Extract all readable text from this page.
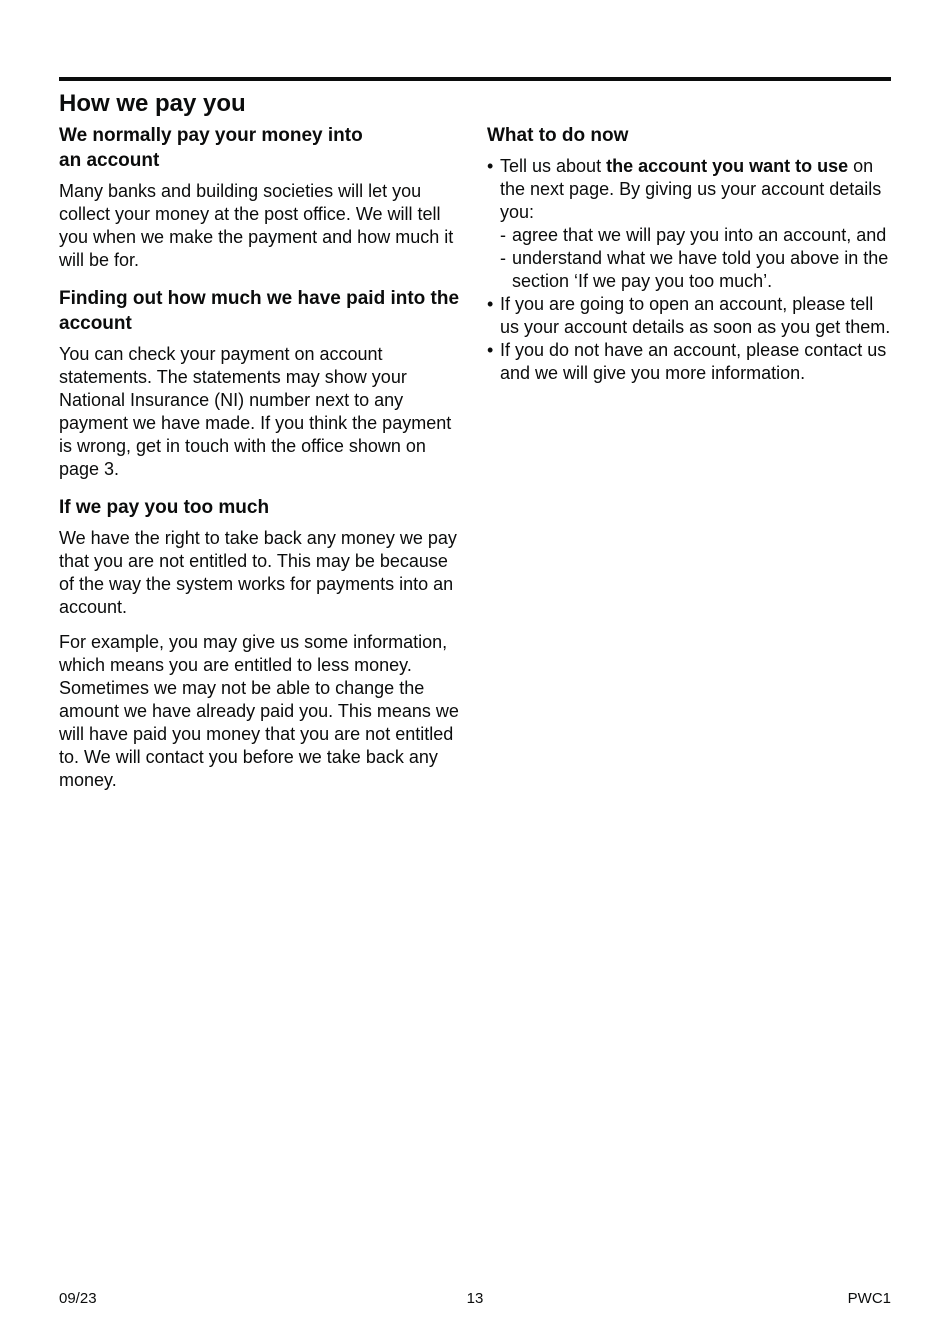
How we pay you
We normally pay your money into
an account

Many banks and building societies will let you collect your money at the post office. We will tell you when we make the payment and how much it will be for.

Finding out how much we have paid into the account

You can check your payment on account statements. The statements may show your National Insurance (NI) number next to any payment we have made. If you think the payment is wrong, get in touch with the office shown on page 3.

If we pay you too much

We have the right to take back any money we pay that you are not entitled to. This may be because of the way the system works for payments into an account.

For example, you may give us some information, which means you are entitled to less money. Sometimes we may not be able to change the amount we have already paid you. This means we will have paid you money that you are not entitled to. We will contact you before we take back any money.

What to do now
• Tell us about the account you want to use on the next page. By giving us your account details you:
- agree that we will pay you into an account, and
- understand what we have told you above in the section ‘If we pay you too much’.
• If you are going to open an account, please tell us your account details as soon as you get them.
• If you do not have an account, please contact us and we will give you more information.
09/23	13	PWC1
